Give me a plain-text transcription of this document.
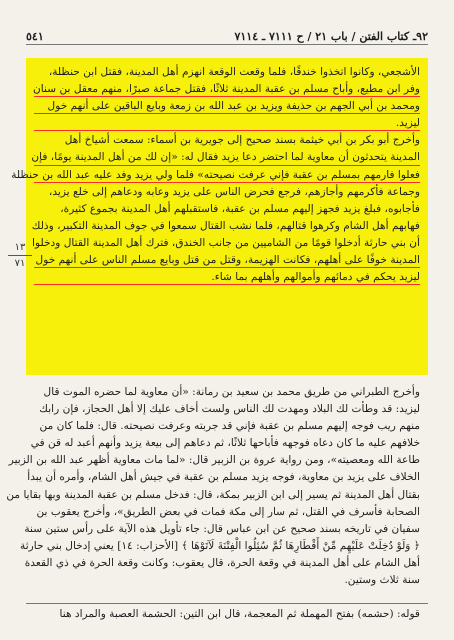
٩٢ـ كتاب الفتن / باب ٢١ / ح ٧١١١ ـ ٧١١٤
٥٤١
١٣
٧١
الأشجعي، وكانوا اتخذوا خندقًا، فلما وقعت الوقعة انهزم أهل المدينة، فقتل ابن حنظلة،
وفر ابن مطيع، وأباح مسلم بن عقبة المدينة ثلاثًا، فقتل جماعة صبرًا، منهم معقل بن سنان
ومحمد بن أبي الجهم بن حذيفة ويزيد بن عبد الله بن زمعة وبايع الباقين على أنهم خول
ليزيد.
وأخرج أبو بكر بن أبي خيثمة بسند صحيح إلى جويرية بن أسماء: سمعت أشياخ أهل
المدينة يتحدثون أن معاوية لما احتضر دعا يزيد فقال له: «إن لك من أهل المدينة يومًا، فإن
فعلوا فارمهم بمسلم بن عقبة فإني عرفت نصيحته» فلما ولي يزيد وفد عليه عبد الله بن حنظلة
وجماعة فأكرمهم وأجازهم، فرجع فحرض الناس على يزيد وعابه ودعاهم إلى خلع يزيد،
فأجابوه، فبلغ يزيد فجهز إليهم مسلم بن عقبة، فاستقبلهم أهل المدينة بجموع كثيرة،
فهابهم أهل الشام وكرهوا قتالهم، فلما نشب القتال سمعوا في جوف المدينة التكبير، وذلك
أن بني حارثة أدخلوا قومًا من الشاميين من جانب الخندق، فترك أهل المدينة القتال ودخلوا
المدينة خوفًا على أهلهم، فكانت الهزيمة، وقتل من قتل وبايع مسلم الناس على أنهم خول
ليزيد يحكم في دمائهم وأموالهم وأهلهم بما شاء.
وأخرج الطبراني من طريق محمد بن سعيد بن رمانة: «أن معاوية لما حضره الموت قال
ليزيد: قد وطأت لك البلاد ومهدت لك الناس ولست أخاف عليك إلا أهل الحجاز، فإن رابك
منهم ريب فوجه إليهم مسلم بن عقبة فإني قد جربته وعرفت نصيحته. قال: فلما كان من
خلافهم عليه ما كان دعاه فوجهه فأباحها ثلاثًا، ثم دعاهم إلى بيعة يزيد وأنهم أعبد له قن في
طاعة الله ومعصيته»، ومن رواية عروة بن الزبير قال: «لما مات معاوية أظهر عبد الله بن الزبير
الخلاف على يزيد بن معاوية، فوجه يزيد مسلم بن عقبة في جيش أهل الشام، وأمره أن يبدأ
بقتال أهل المدينة ثم يسير إلى ابن الزبير بمكة، قال: فدخل مسلم بن عقبة المدينة وبها بقايا من
الصحابة فأسرف في القتل، ثم سار إلى مكة فمات في بعض الطريق»، وأخرج يعقوب بن
سفيان في تاريخه بسند صحيح عن ابن عباس قال: جاء تأويل هذه الآية على رأس ستين سنة
﴿ وَلَوْ دُخِلَتْ عَلَيْهِم مِّنْ أَقْطَارِهَا ثُمَّ سُئِلُوا الْفِتْنَةَ لَآتَوْهَا ﴾ [الأحزاب: ١٤] يعني إدخال بني حارثة
أهل الشام على أهل المدينة في وقعة الحرة، قال يعقوب: وكانت وقعة الحرة في ذي القعدة
سنة ثلاث وستين.
قوله: (حشمه) بفتح المهملة ثم المعجمة، قال ابن التين: الحشمة العصبة والمراد هنا
